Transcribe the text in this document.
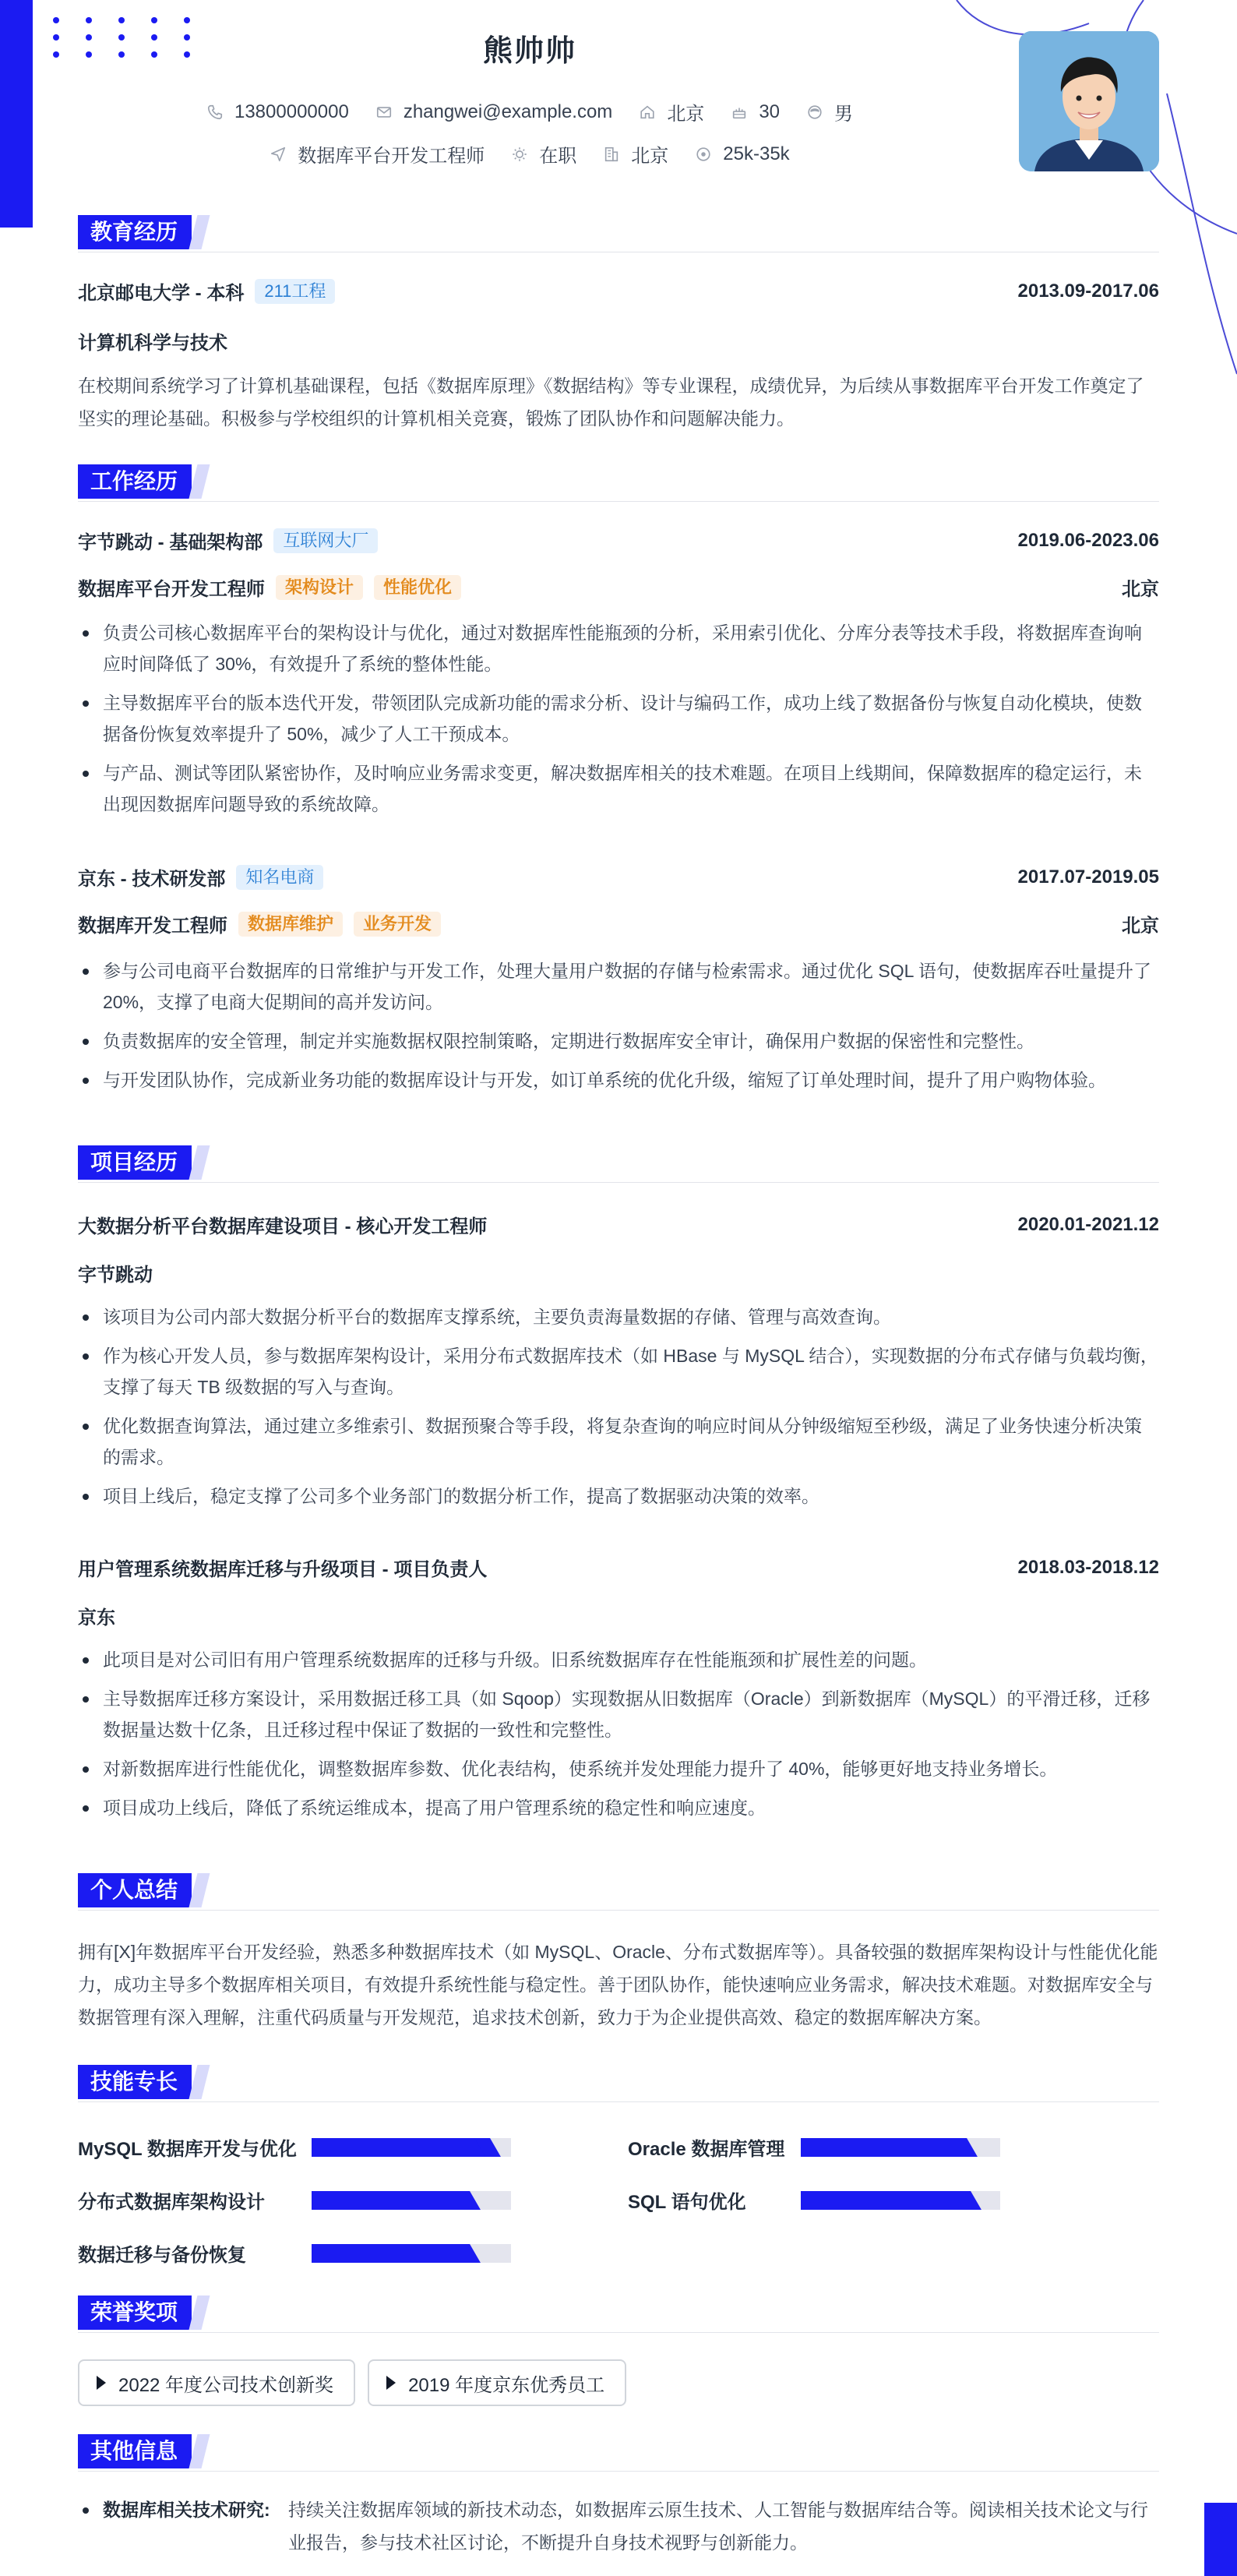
熊帅帅
13800000000	zhangwei@example.com	北京	30	男
数据库平台开发工程师	在职	北京	25k-35k
教育经历
北京邮电大学 - 本科	211工程	2013.09-2017.06
计算机科学与技术
在校期间系统学习了计算机基础课程，包括《数据库原理》《数据结构》等专业课程，成绩优异，为后续从事数据库平台开发工作奠定了坚实的理论基础。积极参与学校组织的计算机相关竞赛，锻炼了团队协作和问题解决能力。
工作经历
字节跳动 - 基础架构部	互联网大厂	2019.06-2023.06
数据库平台开发工程师	架构设计	性能优化	北京
负责公司核心数据库平台的架构设计与优化，通过对数据库性能瓶颈的分析，采用索引优化、分库分表等技术手段，将数据库查询响应时间降低了 30%，有效提升了系统的整体性能。
主导数据库平台的版本迭代开发，带领团队完成新功能的需求分析、设计与编码工作，成功上线了数据备份与恢复自动化模块，使数据备份恢复效率提升了 50%，减少了人工干预成本。
与产品、测试等团队紧密协作，及时响应业务需求变更，解决数据库相关的技术难题。在项目上线期间，保障数据库的稳定运行，未出现因数据库问题导致的系统故障。
京东 - 技术研发部	知名电商	2017.07-2019.05
数据库开发工程师	数据库维护	业务开发	北京
参与公司电商平台数据库的日常维护与开发工作，处理大量用户数据的存储与检索需求。通过优化 SQL 语句，使数据库吞吐量提升了 20%，支撑了电商大促期间的高并发访问。
负责数据库的安全管理，制定并实施数据权限控制策略，定期进行数据库安全审计，确保用户数据的保密性和完整性。
与开发团队协作，完成新业务功能的数据库设计与开发，如订单系统的优化升级，缩短了订单处理时间，提升了用户购物体验。
项目经历
大数据分析平台数据库建设项目 - 核心开发工程师	2020.01-2021.12
字节跳动
该项目为公司内部大数据分析平台的数据库支撑系统，主要负责海量数据的存储、管理与高效查询。
作为核心开发人员，参与数据库架构设计，采用分布式数据库技术（如 HBase 与 MySQL 结合），实现数据的分布式存储与负载均衡，支撑了每天 TB 级数据的写入与查询。
优化数据查询算法，通过建立多维索引、数据预聚合等手段，将复杂查询的响应时间从分钟级缩短至秒级，满足了业务快速分析决策的需求。
项目上线后，稳定支撑了公司多个业务部门的数据分析工作，提高了数据驱动决策的效率。
用户管理系统数据库迁移与升级项目 - 项目负责人	2018.03-2018.12
京东
此项目是对公司旧有用户管理系统数据库的迁移与升级。旧系统数据库存在性能瓶颈和扩展性差的问题。
主导数据库迁移方案设计，采用数据迁移工具（如 Sqoop）实现数据从旧数据库（Oracle）到新数据库（MySQL）的平滑迁移，迁移数据量达数十亿条，且迁移过程中保证了数据的一致性和完整性。
对新数据库进行性能优化，调整数据库参数、优化表结构，使系统并发处理能力提升了 40%，能够更好地支持业务增长。
项目成功上线后，降低了系统运维成本，提高了用户管理系统的稳定性和响应速度。
个人总结
拥有[X]年数据库平台开发经验，熟悉多种数据库技术（如 MySQL、Oracle、分布式数据库等）。具备较强的数据库架构设计与性能优化能力，成功主导多个数据库相关项目，有效提升系统性能与稳定性。善于团队协作，能快速响应业务需求，解决技术难题。对数据库安全与数据管理有深入理解，注重代码质量与开发规范，追求技术创新，致力于为企业提供高效、稳定的数据库解决方案。
技能专长
MySQL 数据库开发与优化	Oracle 数据库管理
分布式数据库架构设计	SQL 语句优化
数据迁移与备份恢复
荣誉奖项
2022 年度公司技术创新奖	2019 年度京东优秀员工
其他信息
数据库相关技术研究: 持续关注数据库领域的新技术动态，如数据库云原生技术、人工智能与数据库结合等。阅读相关技术论文与行业报告，参与技术社区讨论，不断提升自身技术视野与创新能力。
